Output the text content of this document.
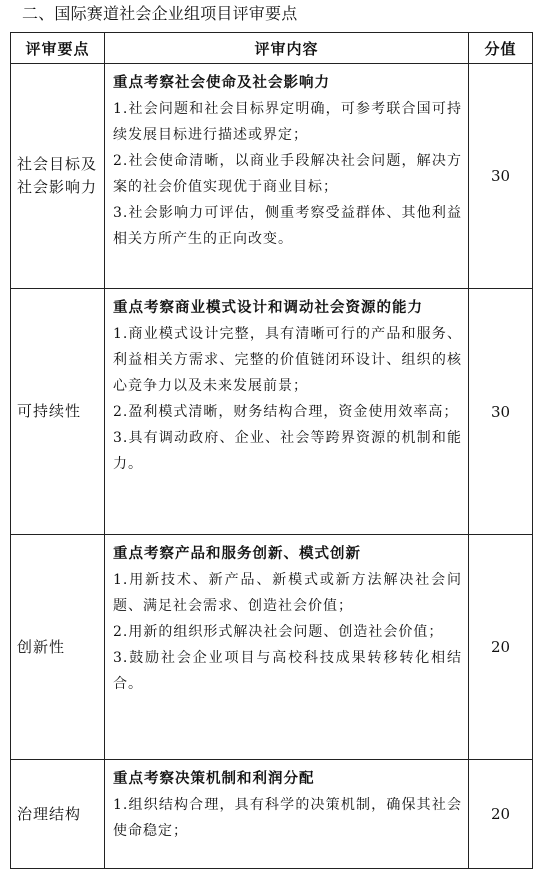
二、国际赛道社会企业组项目评审要点
评审要点	评审内容	分值
社会目标及社会影响力	重点考察社会使命及社会影响力
1.社会问题和社会目标界定明确，可参考联合国可持续发展目标进行描述或界定；
2.社会使命清晰，以商业手段解决社会问题，解决方案的社会价值实现优于商业目标；
3.社会影响力可评估，侧重考察受益群体、其他利益相关方所产生的正向改变。	30
可持续性	重点考察商业模式设计和调动社会资源的能力
1.商业模式设计完整，具有清晰可行的产品和服务、利益相关方需求、完整的价值链闭环设计、组织的核心竞争力以及未来发展前景；
2.盈利模式清晰，财务结构合理，资金使用效率高；
3.具有调动政府、企业、社会等跨界资源的机制和能力。	30
创新性	重点考察产品和服务创新、模式创新
1.用新技术、新产品、新模式或新方法解决社会问题、满足社会需求、创造社会价值；
2.用新的组织形式解决社会问题、创造社会价值；
3.鼓励社会企业项目与高校科技成果转移转化相结合。	20
治理结构	重点考察决策机制和利润分配
1.组织结构合理，具有科学的决策机制，确保其社会使命稳定；	20
